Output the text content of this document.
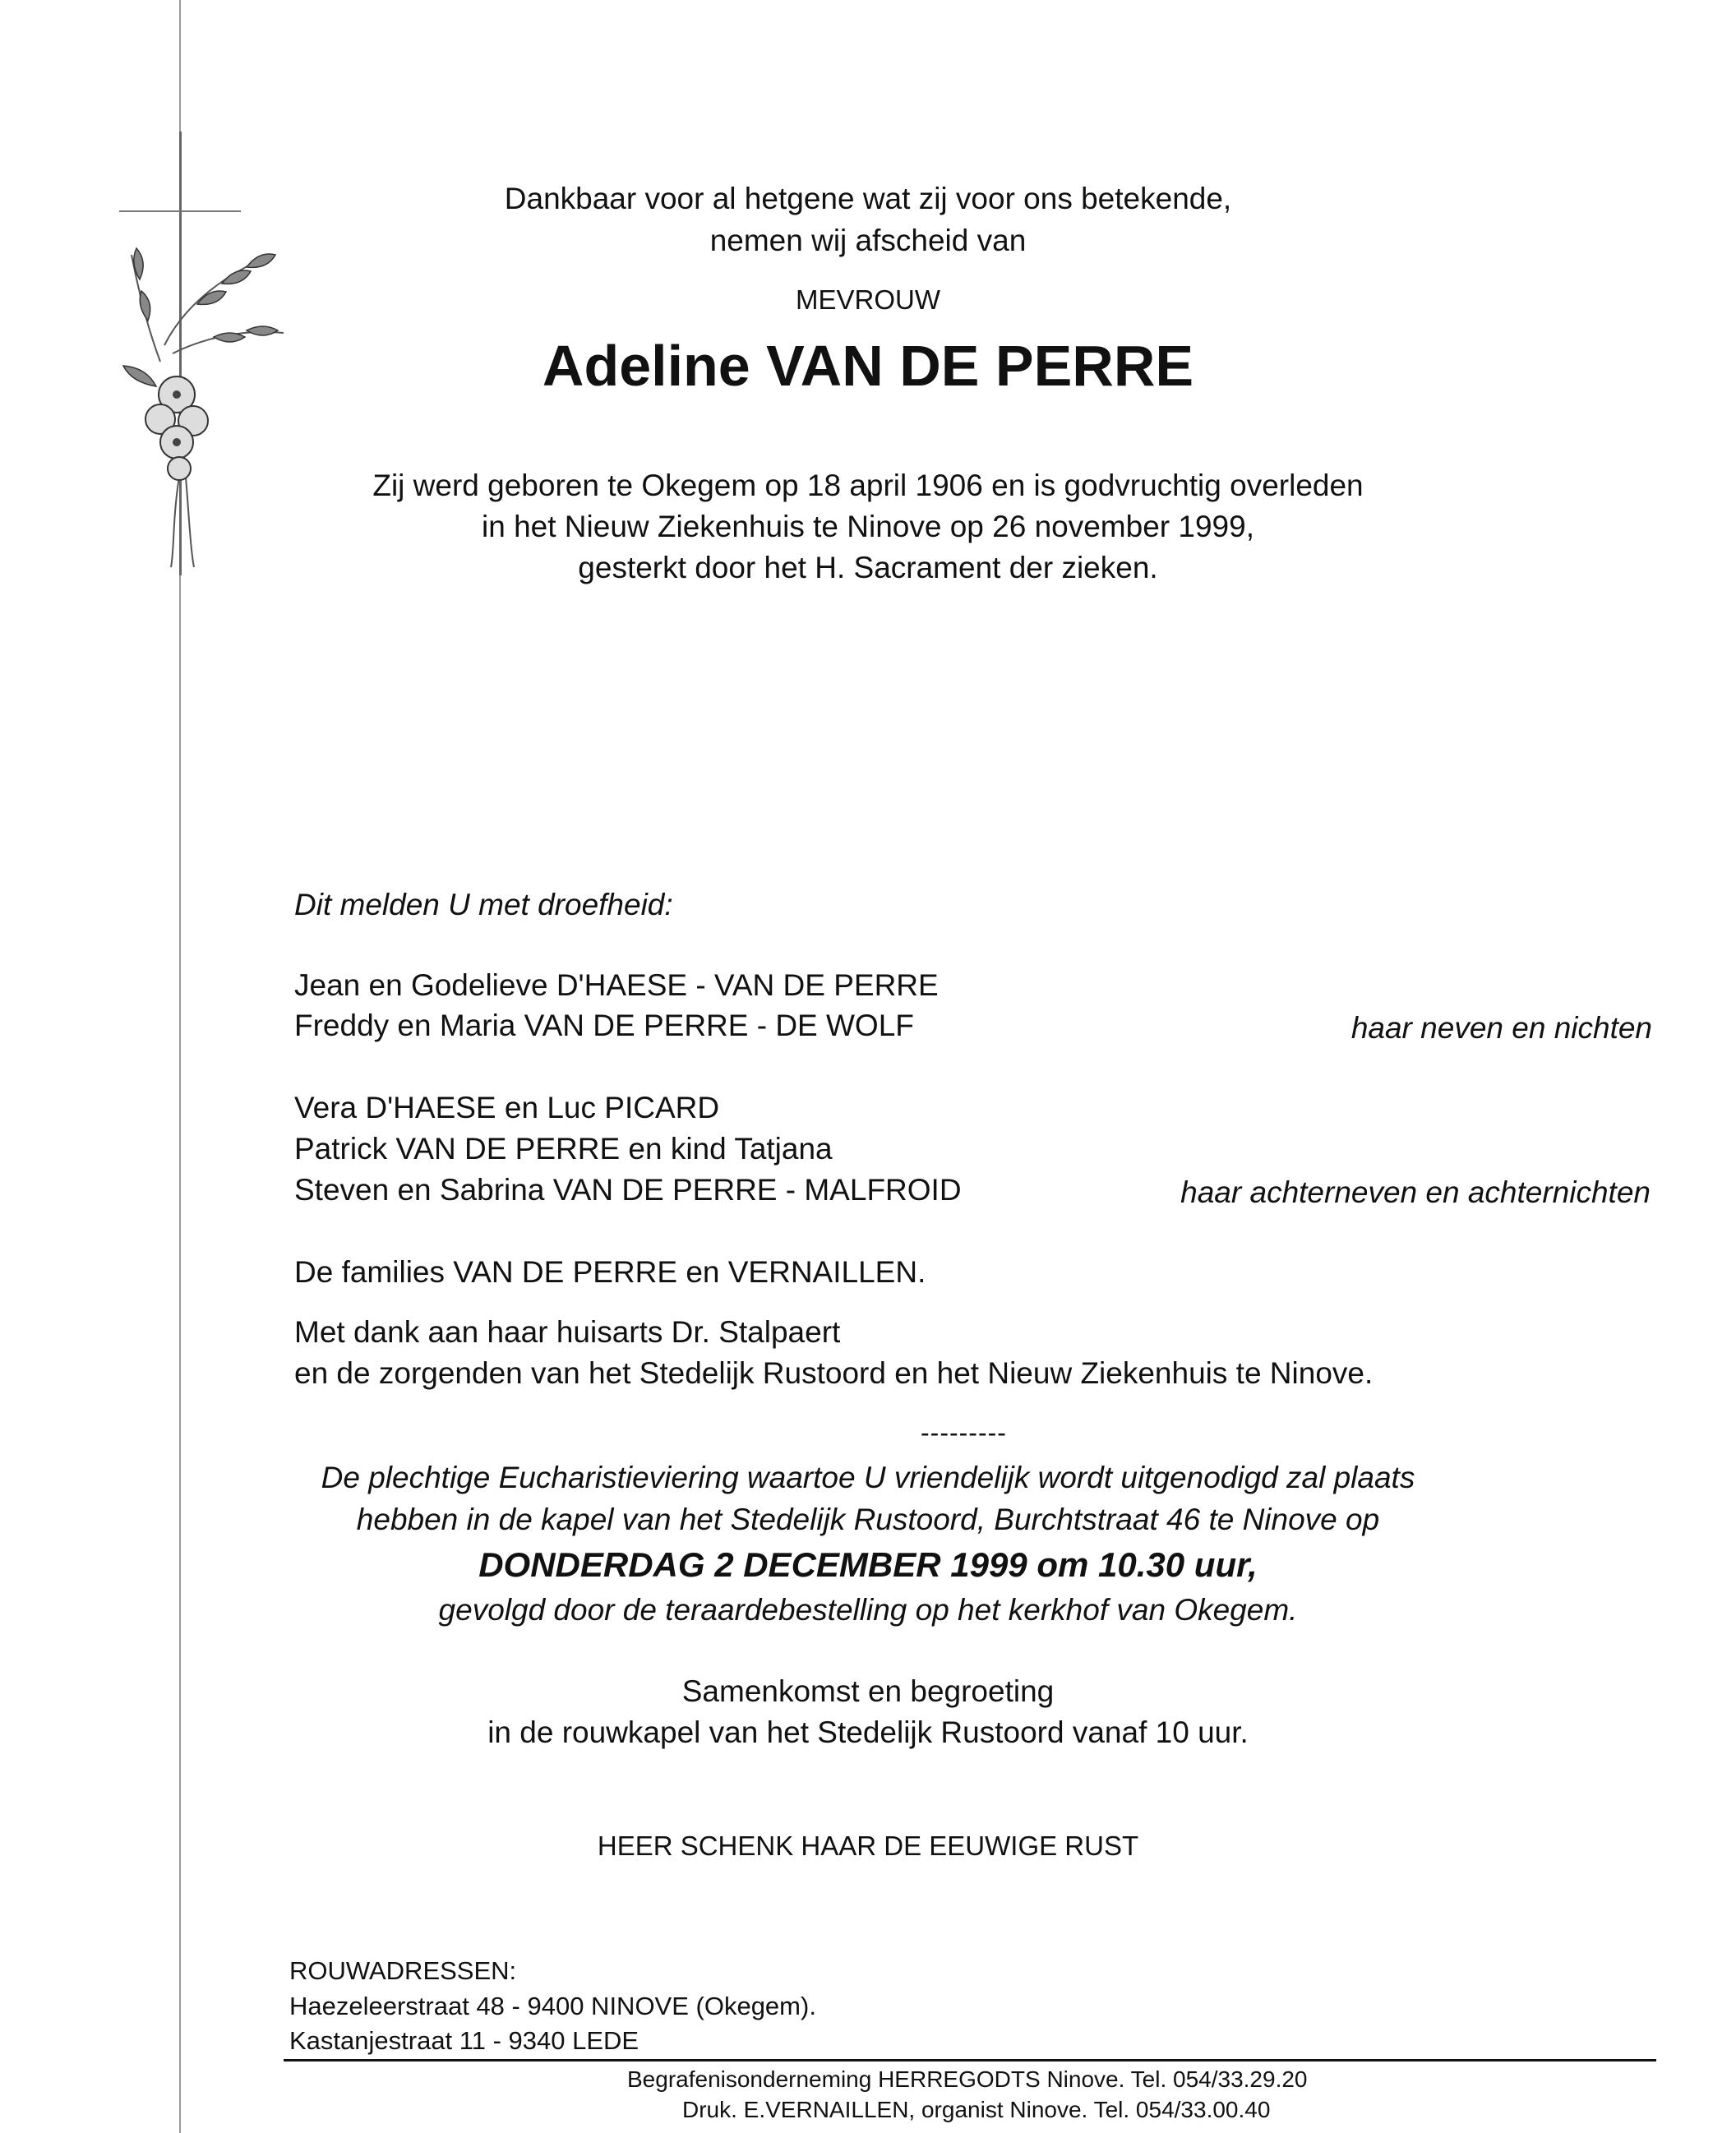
Dankbaar voor al hetgene wat zij voor ons betekende,
nemen wij afscheid van
MEVROUW
Adeline VAN DE PERRE
Zij werd geboren te Okegem op 18 april 1906 en is godvruchtig overleden
in het Nieuw Ziekenhuis te Ninove op 26 november 1999,
gesterkt door het H. Sacrament der zieken.
Dit melden U met droefheid:
Jean en Godelieve D'HAESE - VAN DE PERRE
Freddy en Maria VAN DE PERRE - DE WOLF	haar neven en nichten
Vera D'HAESE en Luc PICARD
Patrick VAN DE PERRE en kind Tatjana
Steven en Sabrina VAN DE PERRE - MALFROID	haar achterneven en achternichten
De families VAN DE PERRE en VERNAILLEN.
Met dank aan haar huisarts Dr. Stalpaert
en de zorgenden van het Stedelijk Rustoord en het Nieuw Ziekenhuis te Ninove.
---------
De plechtige Eucharistieviering waartoe U vriendelijk wordt uitgenodigd zal plaats
hebben in de kapel van het Stedelijk Rustoord, Burchtstraat 46 te Ninove op
DONDERDAG 2 DECEMBER 1999 om 10.30 uur,
gevolgd door de teraardebestelling op het kerkhof van Okegem.
Samenkomst en begroeting
in de rouwkapel van het Stedelijk Rustoord vanaf 10 uur.
HEER SCHENK HAAR DE EEUWIGE RUST
ROUWADRESSEN:
Haezeleerstraat 48 - 9400 NINOVE (Okegem).
Kastanjestraat 11 - 9340 LEDE
Begrafenisonderneming HERREGODTS Ninove. Tel. 054/33.29.20
Druk. E.VERNAILLEN, organist Ninove. Tel. 054/33.00.40
